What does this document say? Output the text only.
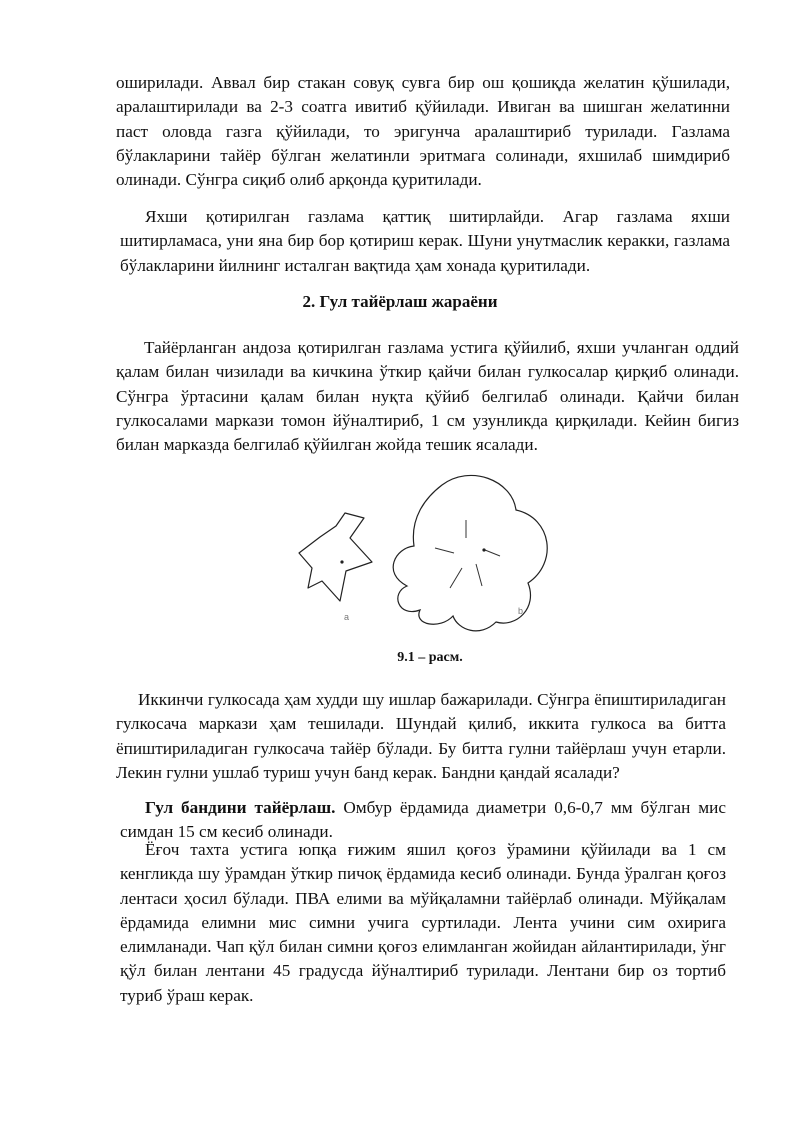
оширилади. Аввал бир стакан совуқ сувга бир ош қошиқда желатин қўшилади, аралаштирилади ва 2-3 соатга ивитиб қўйилади. Ивиган ва шишган желатинни паст оловда газга қўйилади, то эригунча аралаштириб турилади. Газлама бўлакларини тайёр бўлган желатинли эритмага солинади, яхшилаб шимдириб олинади. Сўнгра сиқиб олиб арқонда қуритилади.

Яхши қотирилган газлама қаттиқ шитирлайди. Агар газлама яхши шитирламаса, уни яна бир бор қотириш керак. Шуни унутмаслик керакки, газлама бўлакларини йилнинг исталган вақтида ҳам хонада қуритилади.

2. Гул тайёрлаш жараёни

Тайёрланган андоза қотирилган газлама устига қўйилиб, яхши учланган оддий қалам билан чизилади ва кичкина ўткир қайчи билан гулкосалар қирқиб олинади. Сўнгра ўртасини қалам билан нуқта қўйиб белгилаб олинади. Қайчи билан гулкосалами маркази томон йўналтириб, 1 см узунликда қирқилади. Кейин бигиз билан марказда белгилаб қўйилган жойда тешик ясалади.

a
b
9.1 – расм.

Иккинчи гулкосада ҳам худди шу ишлар бажарилади. Сўнгра ёпиштириладиган гулкосача маркази ҳам тешилади. Шундай қилиб, иккита гулкоса ва битта ёпиштириладиган гулкосача тайёр бўлади. Бу битта гулни тайёрлаш учун етарли. Лекин гулни ушлаб туриш учун банд керак. Бандни қандай ясалади?

Гул бандини тайёрлаш. Омбур ёрдамида диаметри 0,6-0,7 мм бўлган мис симдан 15 см кесиб олинади.

Ёғоч тахта устига юпқа ғижим яшил қоғоз ўрамини қўйилади ва 1 см кенгликда шу ўрамдан ўткир пичоқ ёрдамида кесиб олинади. Бунда ўралган қоғоз лентаси ҳосил бўлади. ПВА елими ва мўйқаламни тайёрлаб олинади. Мўйқалам ёрдамида елимни мис симни учига суртилади. Лента учини сим охирига елимланади. Чап қўл билан симни қоғоз елимланган жойидан айлантирилади, ўнг қўл билан лентани 45 градусда йўналтириб турилади. Лентани бир оз тортиб туриб ўраш керак.
